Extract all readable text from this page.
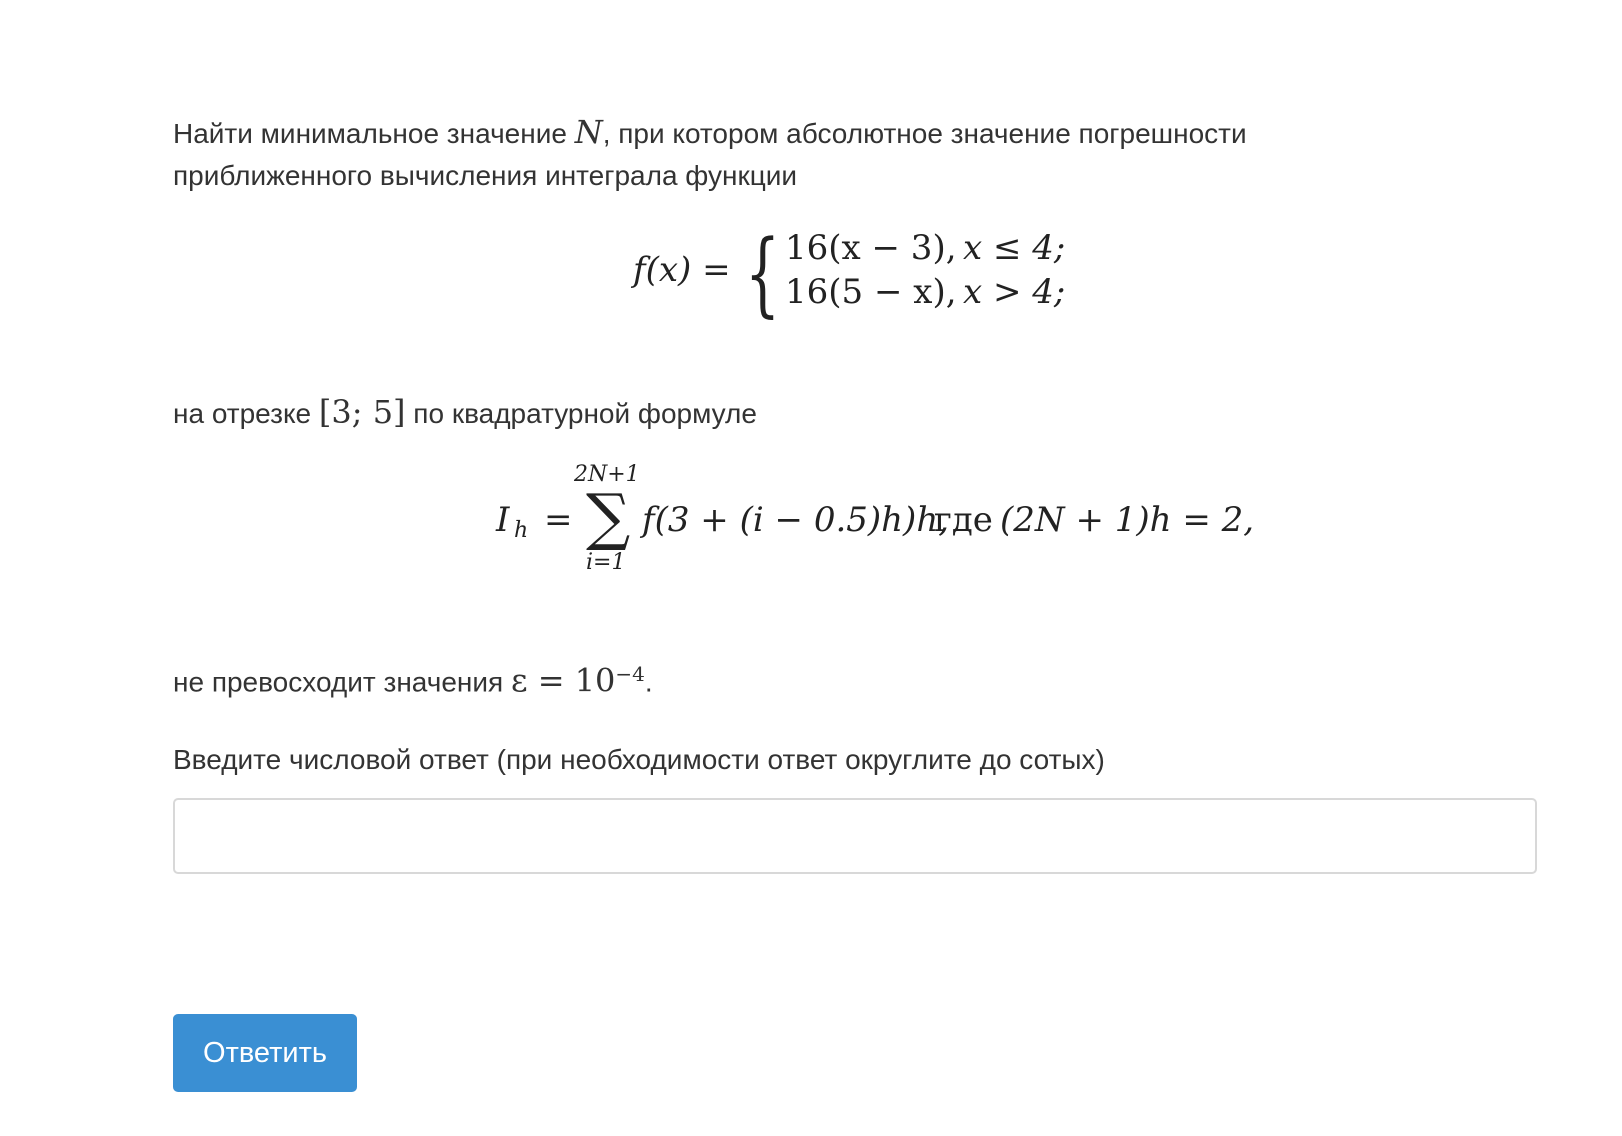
Найти минимальное значение N, при котором абсолютное значение погрешности

приближенного вычисления интеграла функции

f(x) = { 16(x − 3), x ≤ 4;
16(5 − x), x > 4;

на отрезке [3; 5] по квадратурной формуле

I h =
2N+1
∑
i=1
f(3 + (i − 0.5)h)h,
где (2N + 1)h = 2,

не превосходит значения $\varepsilon = 10^{-4}$.

Введите числовой ответ (при необходимости ответ округлите до сотых)

Ответить
